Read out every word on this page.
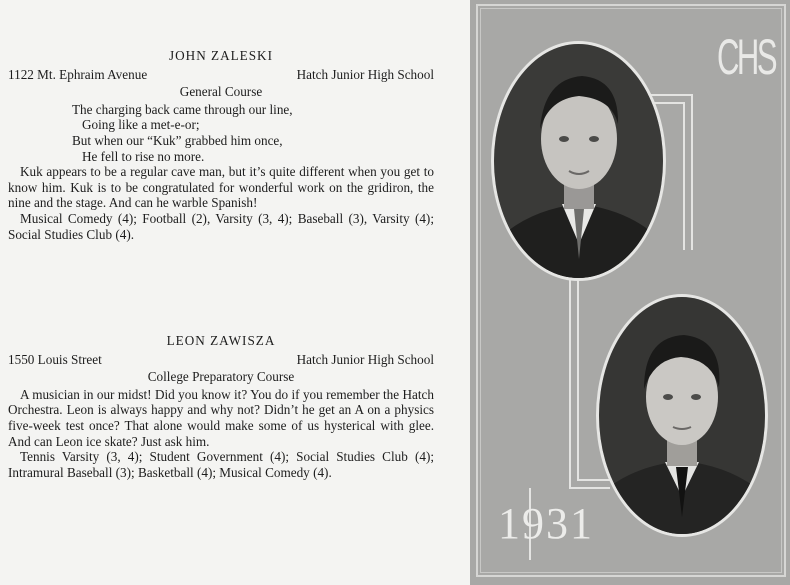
JOHN ZALESKI
1122 Mt. Ephraim Avenue	Hatch Junior High School
General Course
The charging back came through our line,
Going like a met-e-or;
But when our “Kuk” grabbed him once,
He fell to rise no more.
Kuk appears to be a regular cave man, but it’s quite different when you get to know him. Kuk is to be congratulated for wonderful work on the gridiron, the nine and the stage. And can he warble Spanish!
Musical Comedy (4); Football (2), Varsity (3, 4); Baseball (3), Varsity (4); Social Studies Club (4).
LEON ZAWISZA
1550 Louis Street	Hatch Junior High School
College Preparatory Course
A musician in our midst! Did you know it? You do if you remember the Hatch Orchestra. Leon is always happy and why not? Didn’t he get an A on a physics five-week test once? That alone would make some of us hysterical with glee. And can Leon ice skate? Just ask him.
Tennis Varsity (3, 4); Student Government (4); Social Studies Club (4); Intramural Baseball (3); Basketball (4); Musical Comedy (4).
CHS
1931
